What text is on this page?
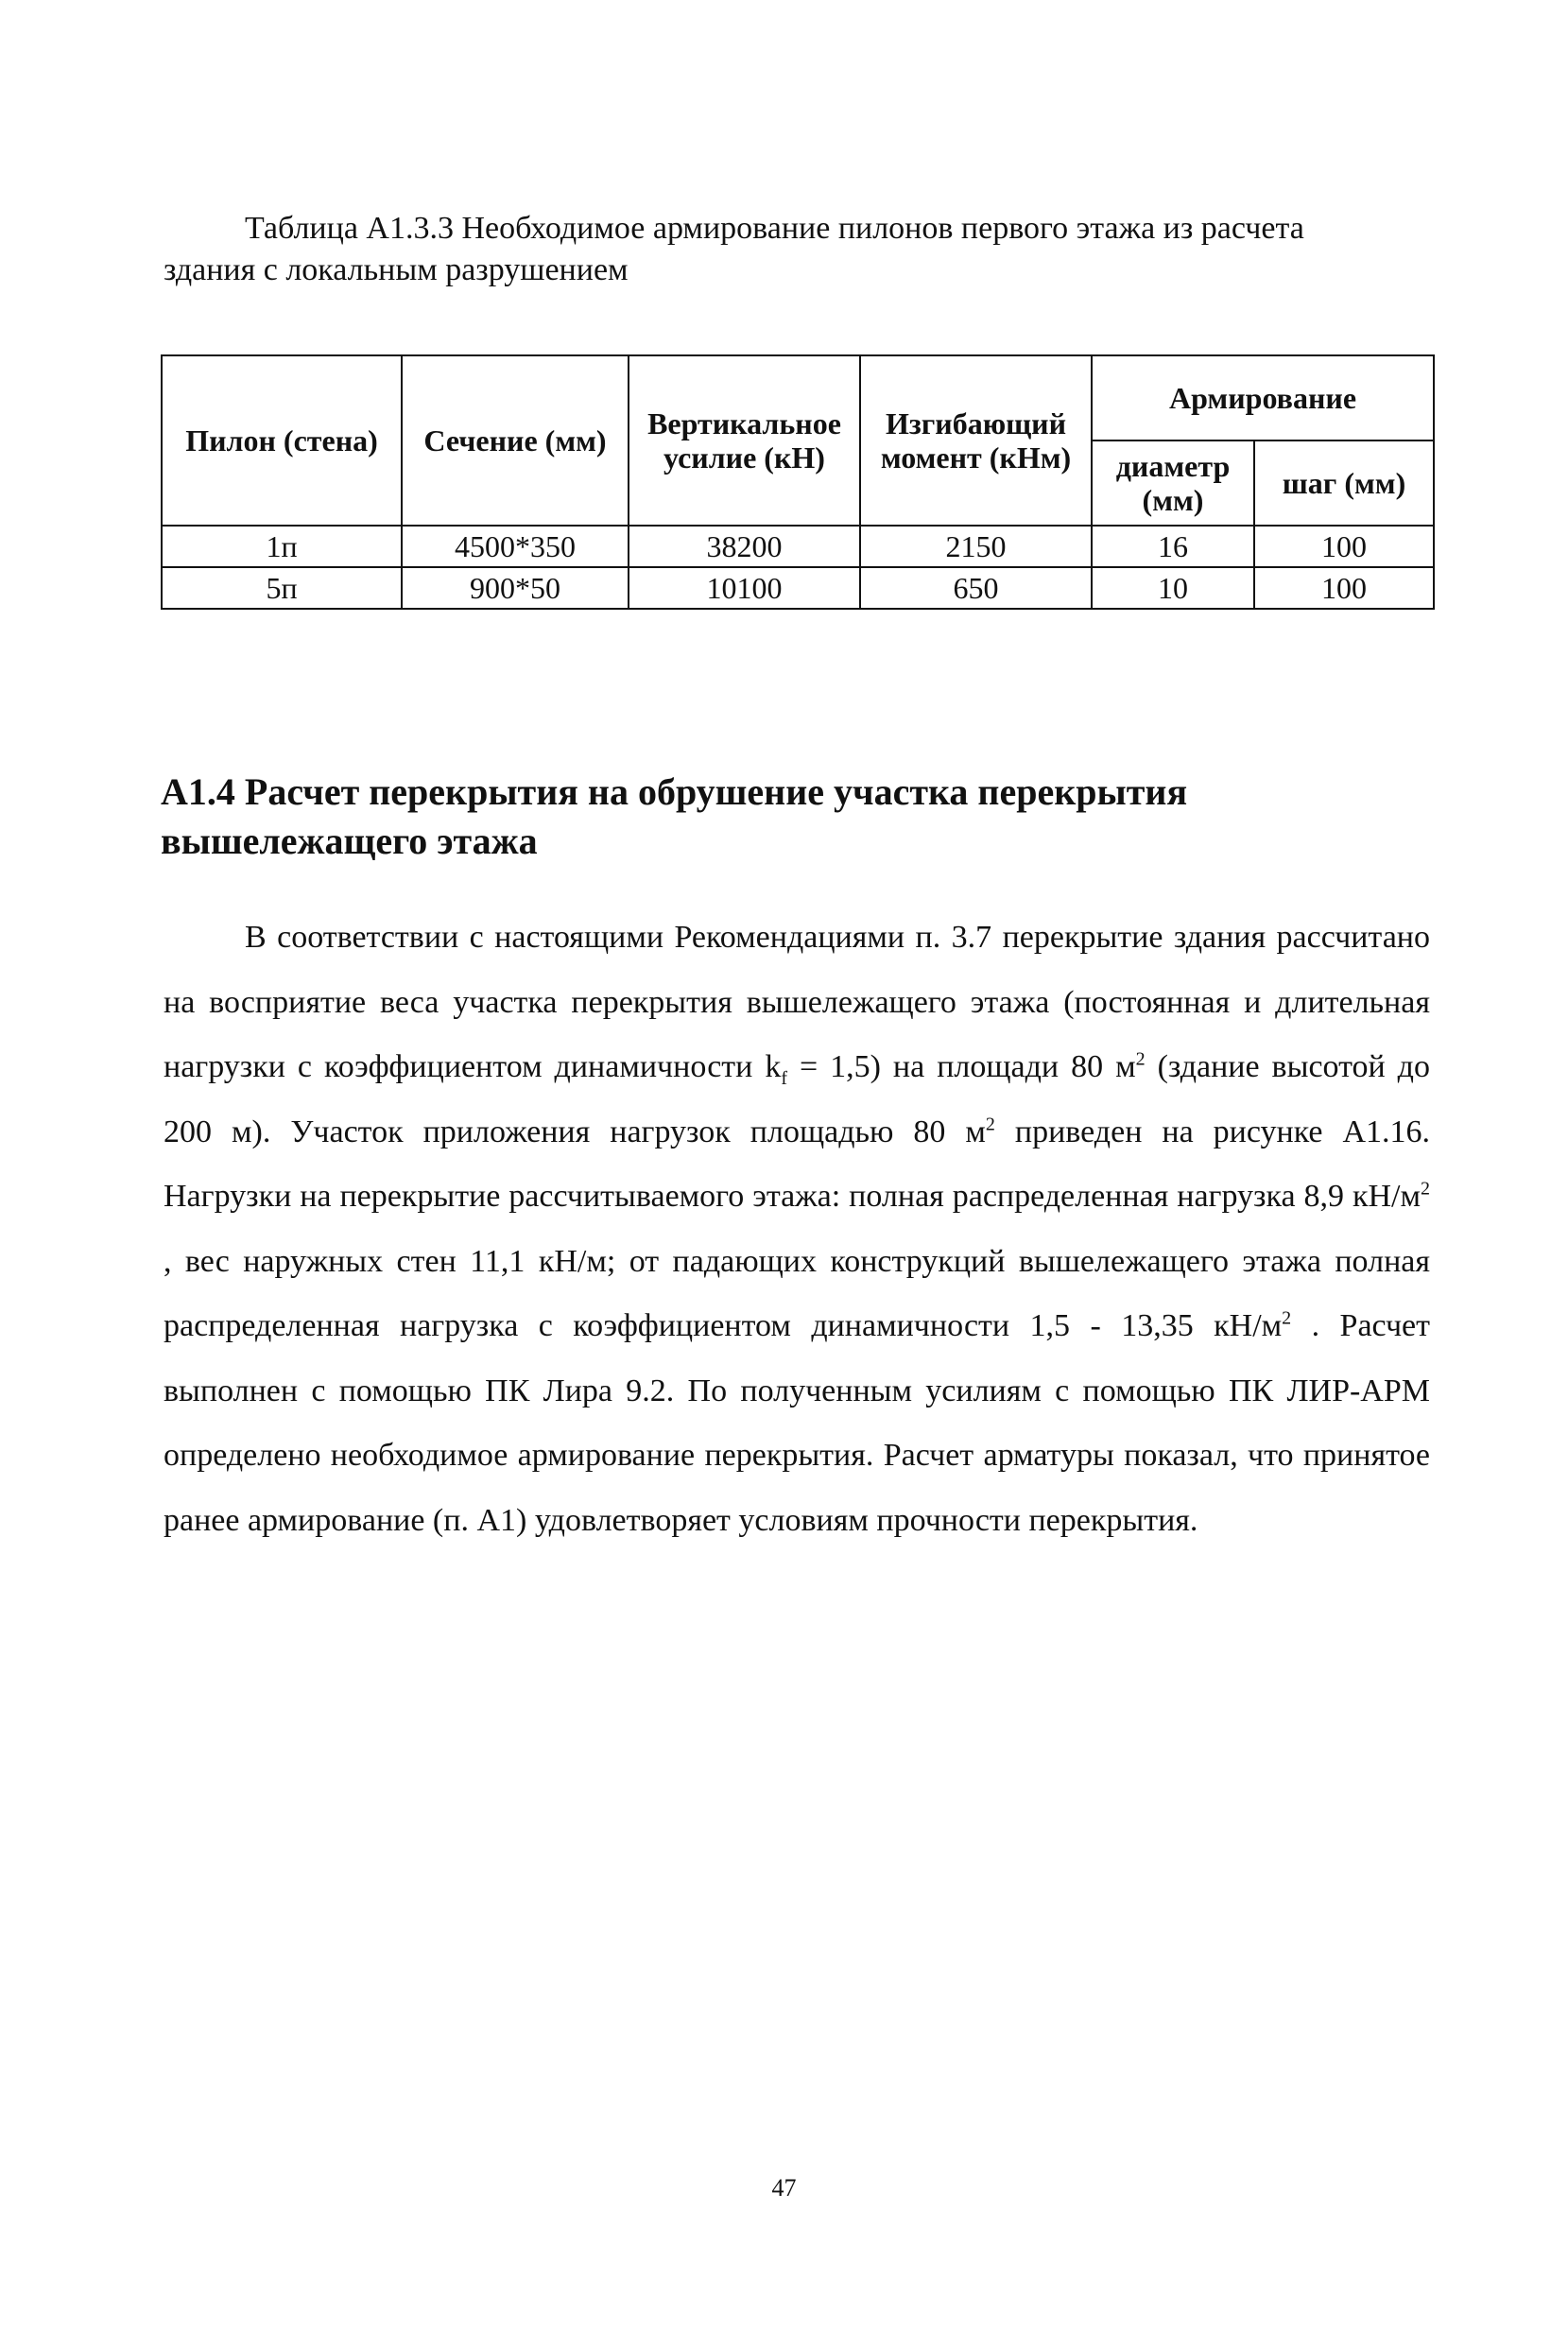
Таблица А1.3.3 Необходимое армирование пилонов первого этажа из расчета
здания с локальным разрушением
Пилон (стена)	Сечение (мм)	Вертикальное усилие (кН)	Изгибающий момент (кНм)	Армирование	
				диаметр (мм)	шаг (мм)
1п	4500*350	38200	2150	16	100
5п	900*50	10100	650	10	100
А1.4 Расчет перекрытия на обрушение участка перекрытия вышележащего этажа

В соответствии с настоящими Рекомендациями п. 3.7 перекрытие здания рассчитано на восприятие веса участка перекрытия вышележащего этажа (постоянная и длительная нагрузки с коэффициентом динамичности $k_f = 1,5$) на площади 80 $м^2$ (здание высотой до 200 м). Участок приложения нагрузок площадью 80 $м^2$ приведен на рисунке А1.16. Нагрузки на перекрытие рассчитываемого этажа: полная распределенная нагрузка 8,9 $кН/м^2$ , вес наружных стен 11,1 кН/м; от падающих конструкций вышележащего этажа полная распределенная нагрузка с коэффициентом динамичности 1,5 - 13,35 $кН/м^2$ . Расчет выполнен с помощью ПК Лира 9.2. По полученным усилиям с помощью ПК ЛИР-АРМ определено необходимое армирование перекрытия. Расчет арматуры показал, что принятое ранее армирование (п. А1) удовлетворяет условиям прочности перекрытия.

47
